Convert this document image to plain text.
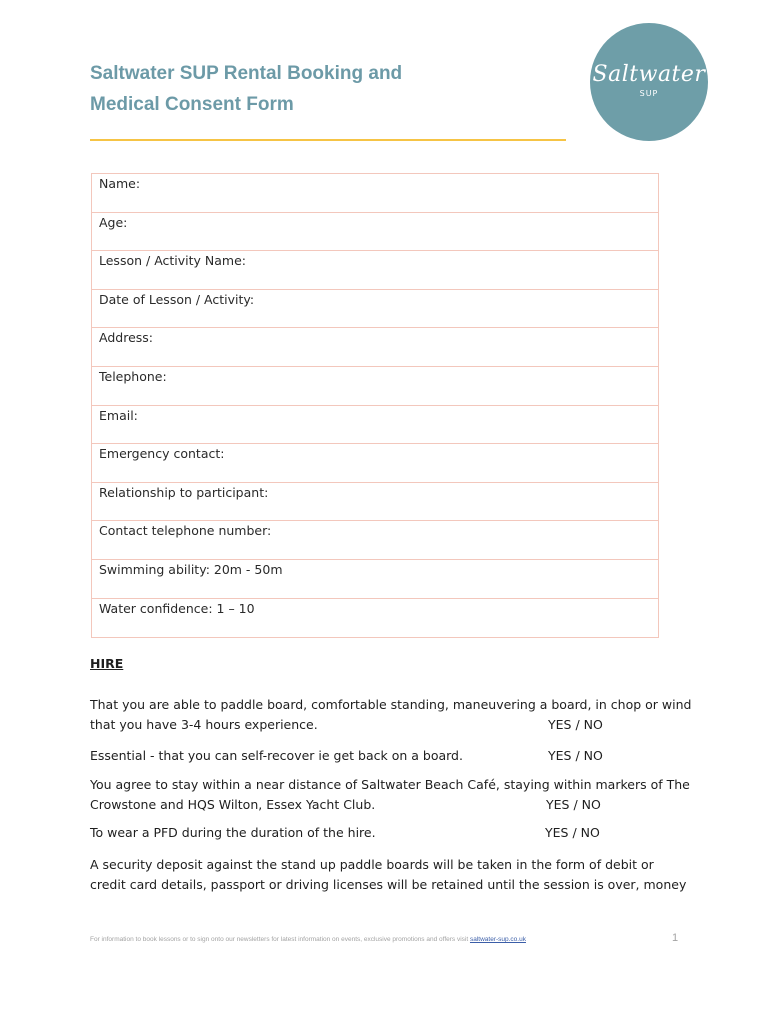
Saltwater SUP Rental Booking and
Medical Consent Form
Saltwater
SUP
Name:
Age:
Lesson / Activity Name:
Date of Lesson / Activity:
Address:
Telephone:
Email:
Emergency contact:
Relationship to participant:
Contact telephone number:
Swimming ability: 20m - 50m
Water confidence: 1 – 10
HIRE
That you are able to paddle board, comfortable standing, maneuvering a board, in chop or wind
that you have 3-4 hours experience.	YES / NO
Essential - that you can self-recover ie get back on a board.	YES / NO
You agree to stay within a near distance of Saltwater Beach Café, staying within markers of The
Crowstone and HQS Wilton, Essex Yacht Club.	YES / NO
To wear a PFD during the duration of the hire.	YES / NO
A security deposit against the stand up paddle boards will be taken in the form of debit or
credit card details, passport or driving licenses will be retained until the session is over, money
For information to book lessons or to sign onto our newsletters for latest information on events, exclusive promotions and offers visit saltwater-sup.co.uk	1
